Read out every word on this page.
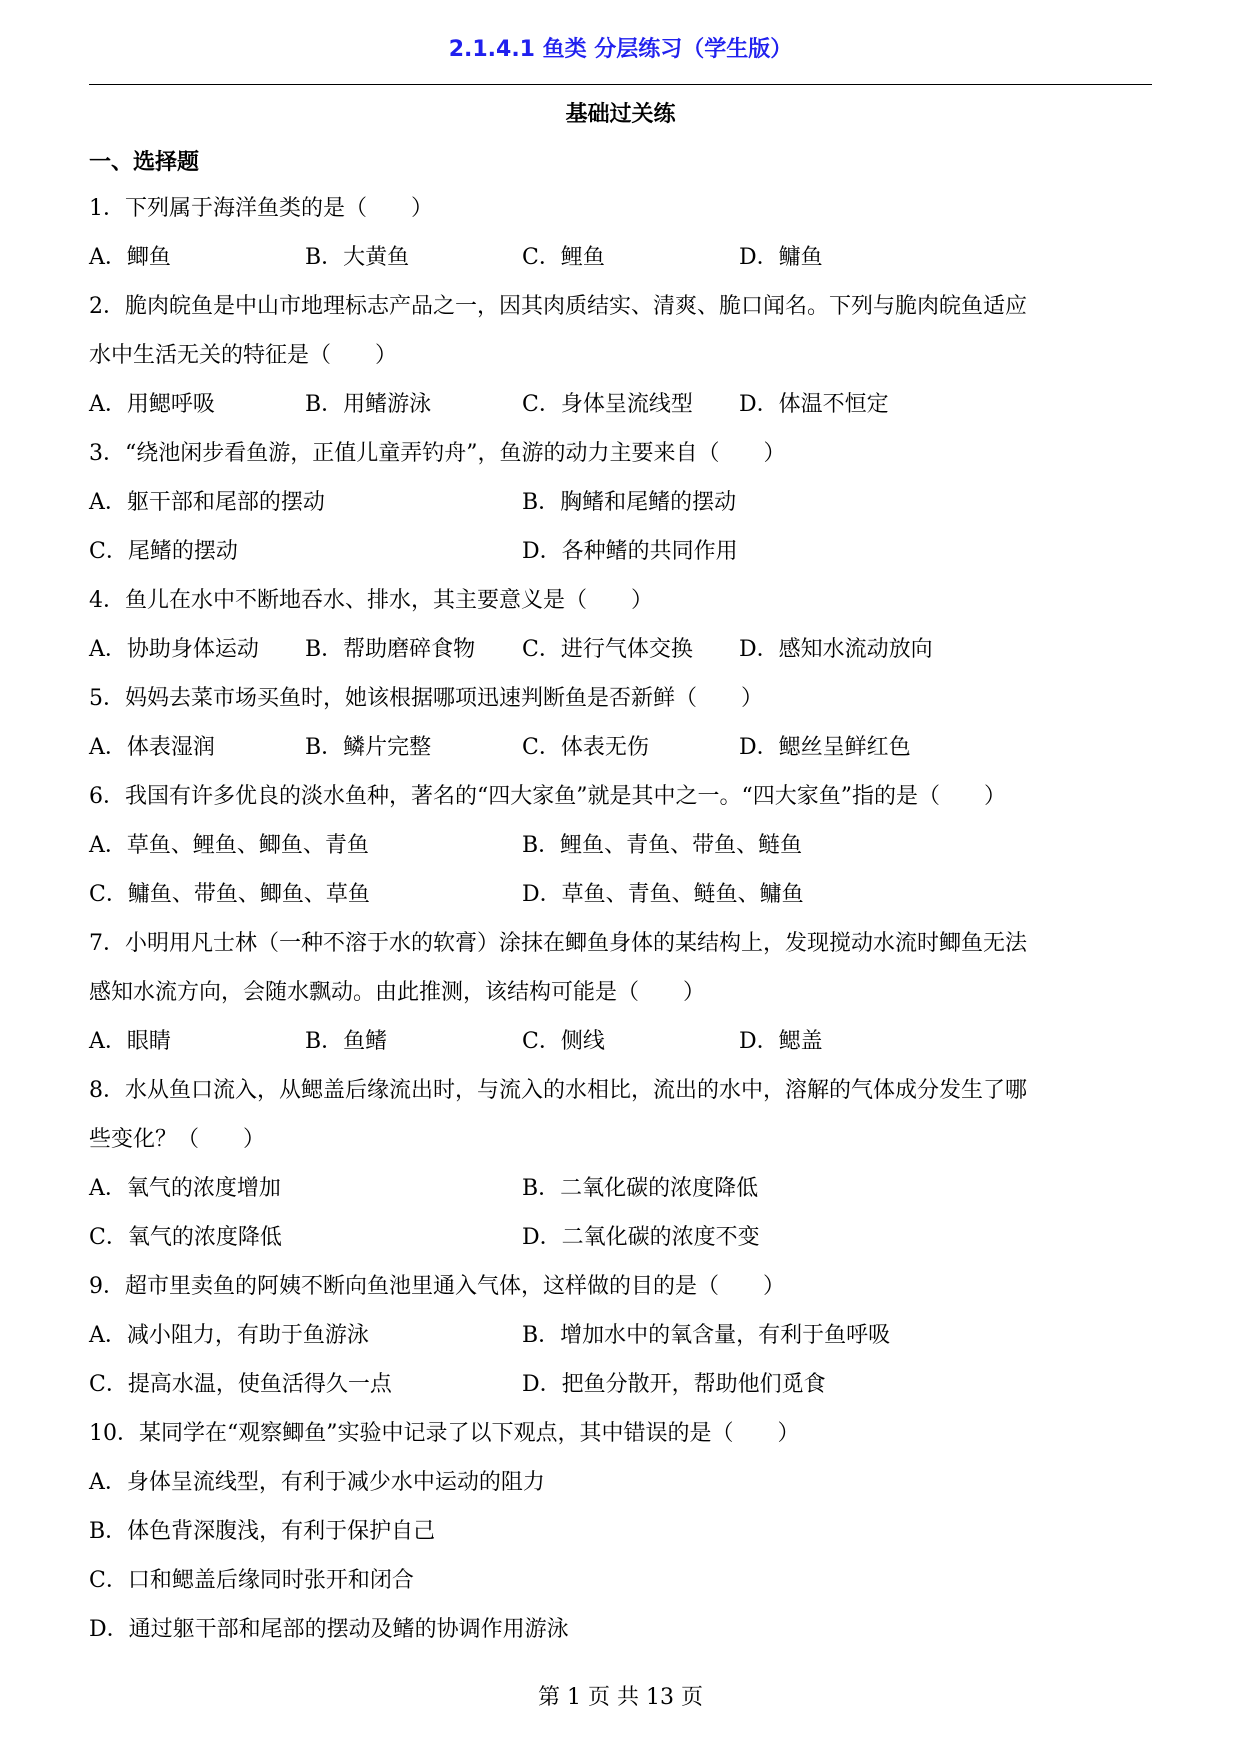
2.1.4.1 鱼类 分层练习（学生版）
基础过关练
一、选择题
1．下列属于海洋鱼类的是（　　）
A．鲫鱼	B．大黄鱼	C．鲤鱼	D．鳙鱼
2．脆肉皖鱼是中山市地理标志产品之一，因其肉质结实、清爽、脆口闻名。下列与脆肉皖鱼适应
水中生活无关的特征是（　　）
A．用鳃呼吸	B．用鳍游泳	C．身体呈流线型 D．体温不恒定
3．“绕池闲步看鱼游，正值儿童弄钓舟”，鱼游的动力主要来自（　　）
A．躯干部和尾部的摆动	B．胸鳍和尾鳍的摆动
C．尾鳍的摆动	D．各种鳍的共同作用
4．鱼儿在水中不断地吞水、排水，其主要意义是（　　）
A．协助身体运动 B．帮助磨碎食物 C．进行气体交换 D．感知水流动放向
5．妈妈去菜市场买鱼时，她该根据哪项迅速判断鱼是否新鲜（　　）
A．体表湿润	B．鳞片完整	C．体表无伤	D．鳃丝呈鲜红色
6．我国有许多优良的淡水鱼种，著名的“四大家鱼”就是其中之一。“四大家鱼”指的是（　　）
A．草鱼、鲤鱼、鲫鱼、青鱼	B．鲤鱼、青鱼、带鱼、鲢鱼
C．鳙鱼、带鱼、鲫鱼、草鱼	D．草鱼、青鱼、鲢鱼、鳙鱼
7．小明用凡士林（一种不溶于水的软膏）涂抹在鲫鱼身体的某结构上，发现搅动水流时鲫鱼无法
感知水流方向，会随水飘动。由此推测，该结构可能是（　　）
A．眼睛	B．鱼鳍	C．侧线	D．鳃盖
8．水从鱼口流入，从鳃盖后缘流出时，与流入的水相比，流出的水中，溶解的气体成分发生了哪
些变化？（　　）
A．氧气的浓度增加	B．二氧化碳的浓度降低
C．氧气的浓度降低	D．二氧化碳的浓度不变
9．超市里卖鱼的阿姨不断向鱼池里通入气体，这样做的目的是（　　）
A．减小阻力，有助于鱼游泳	B．增加水中的氧含量，有利于鱼呼吸
C．提高水温，使鱼活得久一点	D．把鱼分散开，帮助他们觅食
10．某同学在“观察鲫鱼”实验中记录了以下观点，其中错误的是（　　）
A．身体呈流线型，有利于减少水中运动的阻力
B．体色背深腹浅，有利于保护自己
C．口和鳃盖后缘同时张开和闭合
D．通过躯干部和尾部的摆动及鳍的协调作用游泳
第 1 页 共 13 页
